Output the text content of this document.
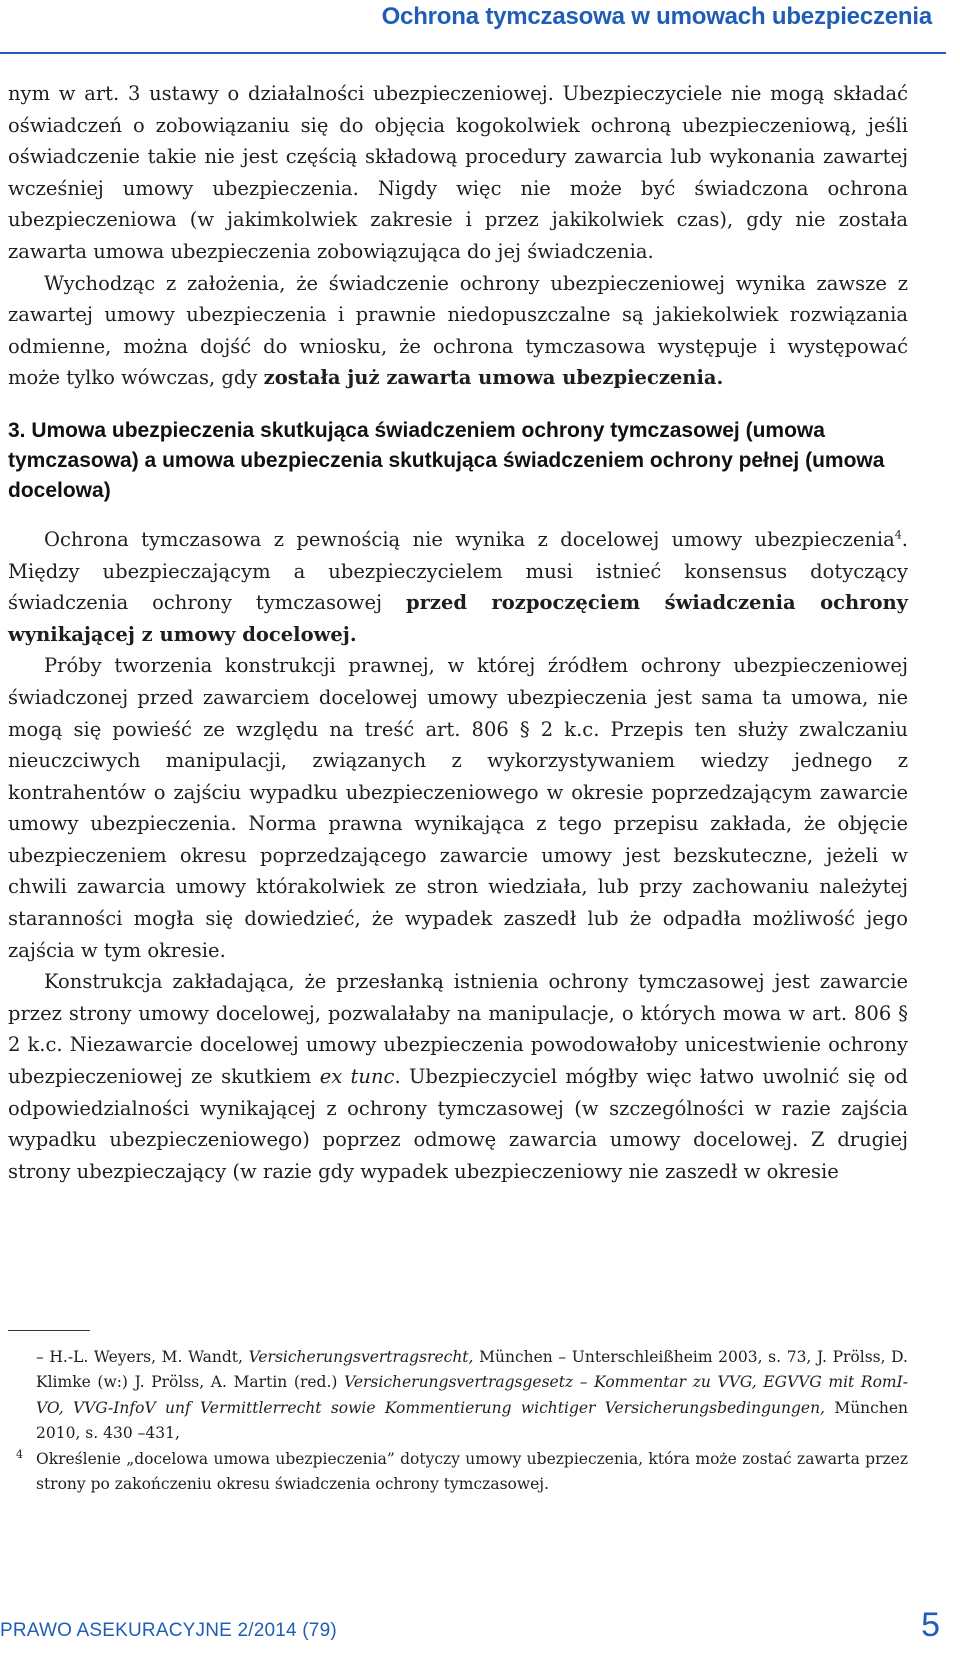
Ochrona tymczasowa w umowach ubezpieczenia

nym w art. 3 ustawy o działalności ubezpieczeniowej. Ubezpieczyciele nie mogą składać oświadczeń o zobowiązaniu się do objęcia kogokolwiek ochroną ubezpieczeniową, jeśli oświadczenie takie nie jest częścią składową procedury zawarcia lub wykonania zawartej wcześniej umowy ubezpieczenia. Nigdy więc nie może być świadczona ochrona ubezpieczeniowa (w jakimkolwiek zakresie i przez jakikolwiek czas), gdy nie została zawarta umowa ubezpieczenia zobowiązująca do jej świadczenia.

Wychodząc z założenia, że świadczenie ochrony ubezpieczeniowej wynika zawsze z zawartej umowy ubezpieczenia i prawnie niedopuszczalne są jakiekolwiek rozwiązania odmienne, można dojść do wniosku, że ochrona tymczasowa występuje i występować może tylko wówczas, gdy została już zawarta umowa ubezpieczenia.

3. Umowa ubezpieczenia skutkująca świadczeniem ochrony tymczasowej (umowa tymczasowa) a umowa ubezpieczenia skutkująca świadczeniem ochrony pełnej (umowa docelowa)

Ochrona tymczasowa z pewnością nie wynika z docelowej umowy ubezpieczenia$^4$. Między ubezpieczającym a ubezpieczycielem musi istnieć konsensus dotyczący świadczenia ochrony tymczasowej przed rozpoczęciem świadczenia ochrony wynikającej z umowy docelowej.

Próby tworzenia konstrukcji prawnej, w której źródłem ochrony ubezpieczeniowej świadczonej przed zawarciem docelowej umowy ubezpieczenia jest sama ta umowa, nie mogą się powieść ze względu na treść art. 806 § 2 k.c. Przepis ten służy zwalczaniu nieuczciwych manipulacji, związanych z wykorzystywaniem wiedzy jednego z kontrahentów o zajściu wypadku ubezpieczeniowego w okresie poprzedzającym zawarcie umowy ubezpieczenia. Norma prawna wynikająca z tego przepisu zakłada, że objęcie ubezpieczeniem okresu poprzedzającego zawarcie umowy jest bezskuteczne, jeżeli w chwili zawarcia umowy którakolwiek ze stron wiedziała, lub przy zachowaniu należytej staranności mogła się dowiedzieć, że wypadek zaszedł lub że odpadła możliwość jego zajścia w tym okresie.

Konstrukcja zakładająca, że przesłanką istnienia ochrony tymczasowej jest zawarcie przez strony umowy docelowej, pozwalałaby na manipulacje, o których mowa w art. 806 § 2 k.c. Niezawarcie docelowej umowy ubezpieczenia powodowałoby unicestwienie ochrony ubezpieczeniowej ze skutkiem ex tunc. Ubezpieczyciel mógłby więc łatwo uwolnić się od odpowiedzialności wynikającej z ochrony tymczasowej (w szczególności w razie zajścia wypadku ubezpieczeniowego) poprzez odmowę zawarcia umowy docelowej. Z drugiej strony ubezpieczający (w razie gdy wypadek ubezpieczeniowy nie zaszedł w okresie

– H.-L. Weyers, M. Wandt, Versicherungsvertragsrecht, München – Unterschleißheim 2003, s. 73, J. Prölss, D. Klimke (w:) J. Prölss, A. Martin (red.) Versicherungsvertragsgesetz – Kommentar zu VVG, EGVVG mit RomI-VO, VVG-InfoV unf Vermittlerrecht sowie Kommentierung wichtiger Versicherungsbedingungen, München 2010, s. 430 –431,
4 Określenie „docelowa umowa ubezpieczenia” dotyczy umowy ubezpieczenia, która może zostać zawarta przez strony po zakończeniu okresu świadczenia ochrony tymczasowej.
PRAWO ASEKURACYJNE 2/2014 (79)	5
